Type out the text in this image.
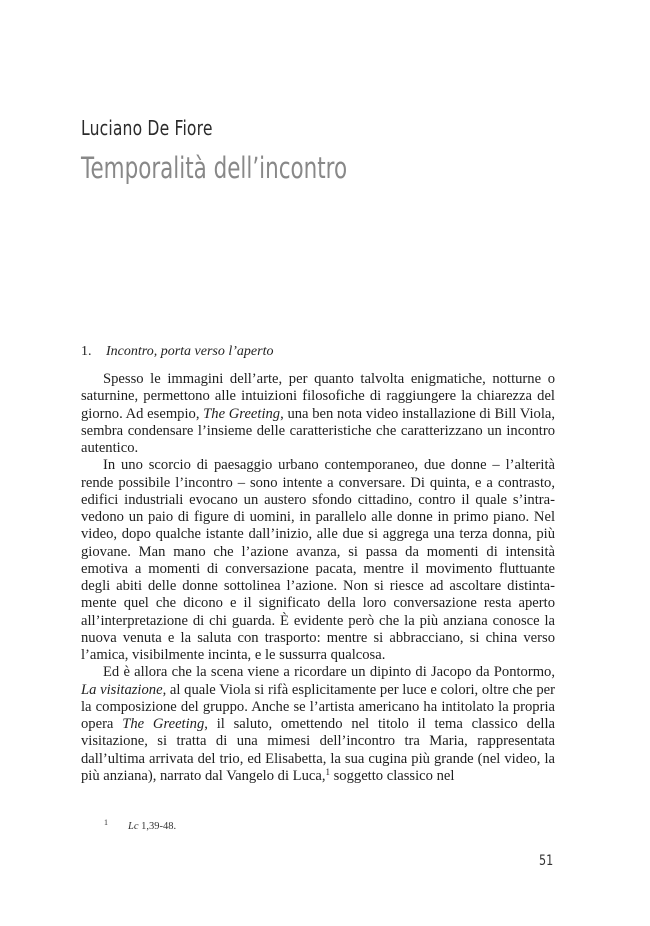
Luciano De Fiore
Temporalità dell’incontro
1. Incontro, porta verso l’aperto

Spesso le immagini dell’arte, per quanto talvolta enigmatiche, notturne o saturnine, permettono alle intuizioni filosofiche di raggiungere la chiarezza del giorno. Ad esempio, The Greeting, una ben nota video installazione di Bill Viola, sembra condensare l’insieme delle caratteristiche che caratterizzano un incontro autentico.

In uno scorcio di paesaggio urbano contemporaneo, due donne – l’alterità rende possibile l’incontro – sono intente a conversare. Di quinta, e a contrasto, edifici industriali evocano un austero sfondo cittadino, contro il quale s’intravedono un paio di figure di uomini, in parallelo alle donne in primo piano. Nel video, dopo qualche istante dall’inizio, alle due si aggrega una terza donna, più giovane. Man mano che l’azione avanza, si passa da momenti di intensità emotiva a momenti di conversazione pacata, mentre il movimento fluttuante degli abiti delle donne sottolinea l’azione. Non si riesce ad ascoltare distintamente quel che dicono e il significato della loro conversazione resta aperto all’interpretazione di chi guarda. È evidente però che la più anziana conosce la nuova venuta e la saluta con trasporto: mentre si abbracciano, si china verso l’amica, visibilmente incinta, e le sussurra qualcosa.

Ed è allora che la scena viene a ricordare un dipinto di Jacopo da Pontormo, La visitazione, al quale Viola si rifà esplicitamente per luce e colori, oltre che per la composizione del gruppo. Anche se l’artista americano ha intitolato la propria opera The Greeting, il saluto, omettendo nel titolo il tema classico della visitazione, si tratta di una mimesi dell’incontro tra Maria, rappresentata dall’ultima arrivata del trio, ed Elisabetta, la sua cugina più grande (nel video, la più anziana), narrato dal Vangelo di Luca,$^1$ soggetto classico nel

1 Lc 1,39-48.
51
